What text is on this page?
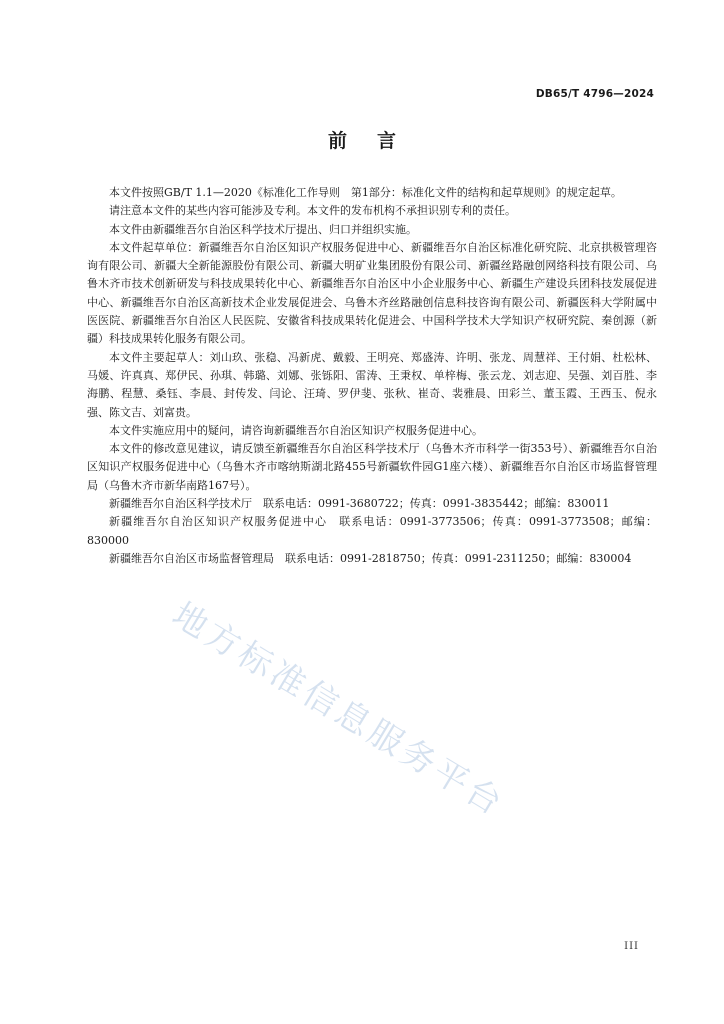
DB65/T 4796—2024
前言

本文件按照GB/T 1.1—2020《标准化工作导则　第1部分：标准化文件的结构和起草规则》的规定起草。

请注意本文件的某些内容可能涉及专利。本文件的发布机构不承担识别专利的责任。

本文件由新疆维吾尔自治区科学技术厅提出、归口并组织实施。

本文件起草单位：新疆维吾尔自治区知识产权服务促进中心、新疆维吾尔自治区标准化研究院、北京拱极管理咨询有限公司、新疆大全新能源股份有限公司、新疆大明矿业集团股份有限公司、新疆丝路融创网络科技有限公司、乌鲁木齐市技术创新研发与科技成果转化中心、新疆维吾尔自治区中小企业服务中心、新疆生产建设兵团科技发展促进中心、新疆维吾尔自治区高新技术企业发展促进会、乌鲁木齐丝路融创信息科技咨询有限公司、新疆医科大学附属中医医院、新疆维吾尔自治区人民医院、安徽省科技成果转化促进会、中国科学技术大学知识产权研究院、秦创源（新疆）科技成果转化服务有限公司。

本文件主要起草人：刘山玖、张稳、冯新虎、戴毅、王明亮、郑盛涛、许明、张龙、周慧祥、王付娟、杜松林、马媛、许真真、郑伊民、孙琪、韩璐、刘娜、张铄阳、雷涛、王秉权、单梓梅、张云龙、刘志迎、吴强、刘百胜、李海鹏、程慧、桑钰、李晨、封传发、闫论、汪琦、罗伊斐、张秋、崔奇、裴雅晨、田彩兰、董玉霞、王西玉、倪永强、陈文吉、刘富贵。

本文件实施应用中的疑问，请咨询新疆维吾尔自治区知识产权服务促进中心。

本文件的修改意见建议，请反馈至新疆维吾尔自治区科学技术厅（乌鲁木齐市科学一街353号）、新疆维吾尔自治区知识产权服务促进中心（乌鲁木齐市喀纳斯湖北路455号新疆软件园G1座六楼）、新疆维吾尔自治区市场监督管理局（乌鲁木齐市新华南路167号）。

新疆维吾尔自治区科学技术厅　联系电话：0991-3680722；传真：0991-3835442；邮编：830011

新疆维吾尔自治区知识产权服务促进中心　联系电话：0991-3773506；传真：0991-3773508；邮编：830000

新疆维吾尔自治区市场监督管理局　联系电话：0991-2818750；传真：0991-2311250；邮编：830004

地方标准信息服务平台
III
